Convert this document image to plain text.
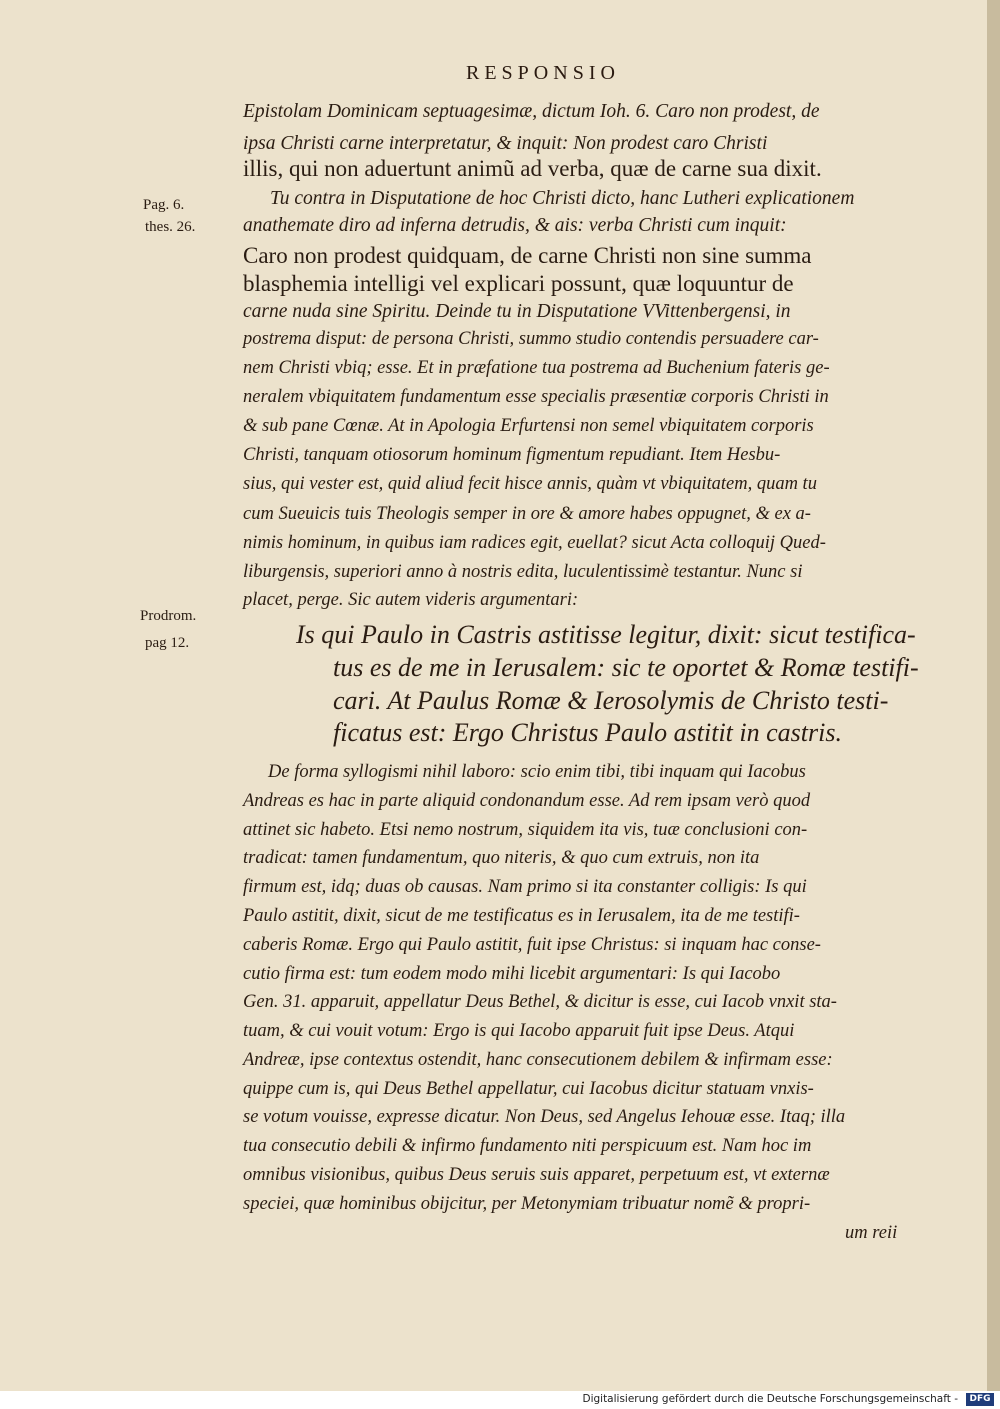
RESPONSIO
Pag. 6.
thes. 26.
Prodrom.
pag 12.
Epistolam Dominicam septuagesimæ, dictum Ioh. 6. Caro non prodest, de
ipsa Christi carne interpretatur, & inquit: Non prodest caro Christi
illis, qui non aduertunt animũ ad verba, quæ de carne sua dixit.
Tu contra in Disputatione de hoc Christi dicto, hanc Lutheri explicationem
anathemate diro ad inferna detrudis, & ais: verba Christi cum inquit:
Caro non prodest quidquam, de carne Christi non sine summa
blasphemia intelligi vel explicari possunt, quæ loquuntur de
carne nuda sine Spiritu. Deinde tu in Disputatione VVittenbergensi, in
postrema disput: de persona Christi, summo studio contendis persuadere car-
nem Christi vbiq; esse. Et in præfatione tua postrema ad Buchenium fateris ge-
neralem vbiquitatem fundamentum esse specialis præsentiæ corporis Christi in
& sub pane Cœnæ. At in Apologia Erfurtensi non semel vbiquitatem corporis
Christi, tanquam otiosorum hominum figmentum repudiant. Item Hesbu-
sius, qui vester est, quid aliud fecit hisce annis, quàm vt vbiquitatem, quam tu
cum Sueuicis tuis Theologis semper in ore & amore habes oppugnet, & ex a-
nimis hominum, in quibus iam radices egit, euellat? sicut Acta colloquij Qued-
liburgensis, superiori anno à nostris edita, luculentissimè testantur. Nunc si
placet, perge. Sic autem videris argumentari:
Is qui Paulo in Castris astitisse legitur, dixit: sicut testifica-
tus es de me in Ierusalem: sic te oportet & Romæ testifi-
cari. At Paulus Romæ & Ierosolymis de Christo testi-
ficatus est: Ergo Christus Paulo astitit in castris.
De forma syllogismi nihil laboro: scio enim tibi, tibi inquam qui Iacobus
Andreas es hac in parte aliquid condonandum esse. Ad rem ipsam verò quod
attinet sic habeto. Etsi nemo nostrum, siquidem ita vis, tuæ conclusioni con-
tradicat: tamen fundamentum, quo niteris, & quo cum extruis, non ita
firmum est, idq; duas ob causas. Nam primo si ita constanter colligis: Is qui
Paulo astitit, dixit, sicut de me testificatus es in Ierusalem, ita de me testifi-
caberis Romæ. Ergo qui Paulo astitit, fuit ipse Christus: si inquam hac conse-
cutio firma est: tum eodem modo mihi licebit argumentari: Is qui Iacobo
Gen. 31. apparuit, appellatur Deus Bethel, & dicitur is esse, cui Iacob vnxit sta-
tuam, & cui vouit votum: Ergo is qui Iacobo apparuit fuit ipse Deus. Atqui
Andreæ, ipse contextus ostendit, hanc consecutionem debilem & infirmam esse:
quippe cum is, qui Deus Bethel appellatur, cui Iacobus dicitur statuam vnxis-
se votum vouisse, expresse dicatur. Non Deus, sed Angelus Iehouæ esse. Itaq; illa
tua consecutio debili & infirmo fundamento niti perspicuum est. Nam hoc im
omnibus visionibus, quibus Deus seruis suis apparet, perpetuum est, vt externæ
speciei, quæ hominibus obijcitur, per Metonymiam tribuatur nomẽ & propri-
um reii
Digitalisierung gefördert durch die Deutsche Forschungsgemeinschaft -	DFG
